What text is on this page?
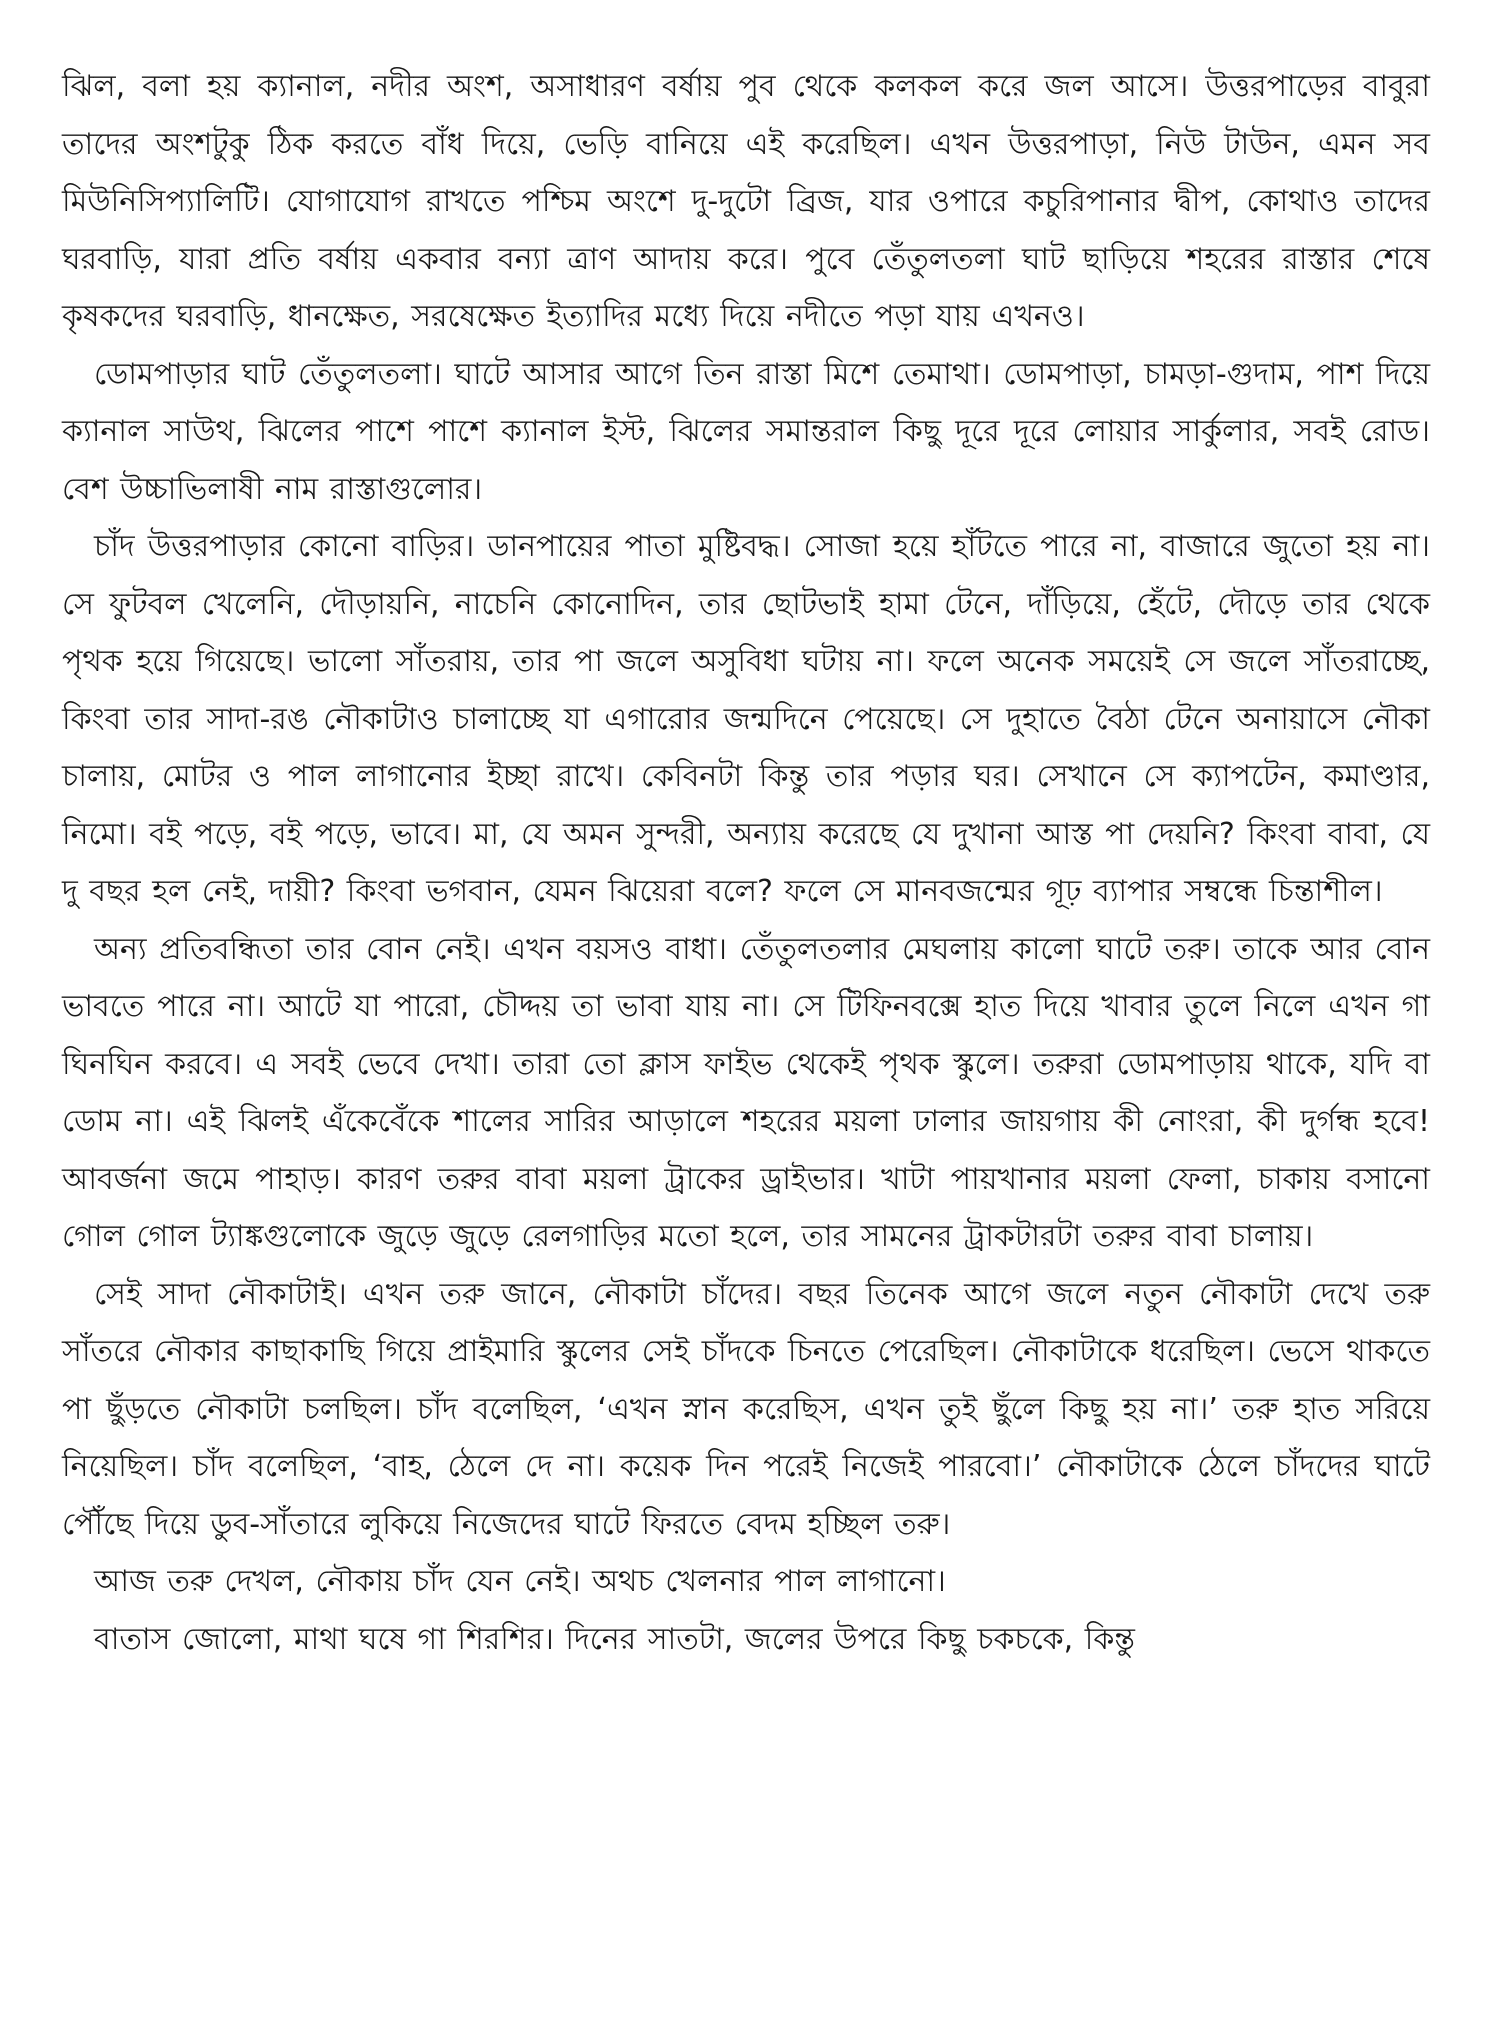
ঝিল, বলা হয় ক্যানাল, নদীর অংশ, অসাধারণ বর্ষায় পুব থেকে কলকল করে জল আসে। উত্তরপাড়ের বাবুরা তাদের অংশটুকু ঠিক করতে বাঁধ দিয়ে, ভেড়ি বানিয়ে এই করেছিল। এখন উত্তরপাড়া, নিউ টাউন, এমন সব মিউনিসিপ্যালিটি। যোগাযোগ রাখতে পশ্চিম অংশে দু-দুটো ব্রিজ, যার ওপারে কচুরিপানার দ্বীপ, কোথাও তাদের ঘরবাড়ি, যারা প্রতি বর্ষায় একবার বন্যা ত্রাণ আদায় করে। পুবে তেঁতুলতলা ঘাট ছাড়িয়ে শহরের রাস্তার শেষে কৃষকদের ঘরবাড়ি, ধানক্ষেত, সরষেক্ষেত ইত্যাদির মধ্যে দিয়ে নদীতে পড়া যায় এখনও।

ডোমপাড়ার ঘাট তেঁতুলতলা। ঘাটে আসার আগে তিন রাস্তা মিশে তেমাথা। ডোমপাড়া, চামড়া-গুদাম, পাশ দিয়ে ক্যানাল সাউথ, ঝিলের পাশে পাশে ক্যানাল ইস্ট, ঝিলের সমান্তরাল কিছু দূরে দূরে লোয়ার সার্কুলার, সবই রোড। বেশ উচ্চাভিলাষী নাম রাস্তাগুলোর।

চাঁদ উত্তরপাড়ার কোনো বাড়ির। ডানপায়ের পাতা মুষ্টিবদ্ধ। সোজা হয়ে হাঁটতে পারে না, বাজারে জুতো হয় না। সে ফুটবল খেলেনি, দৌড়ায়নি, নাচেনি কোনোদিন, তার ছোটভাই হামা টেনে, দাঁড়িয়ে, হেঁটে, দৌড়ে তার থেকে পৃথক হয়ে গিয়েছে। ভালো সাঁতরায়, তার পা জলে অসুবিধা ঘটায় না। ফলে অনেক সময়েই সে জলে সাঁতরাচ্ছে, কিংবা তার সাদা-রঙ নৌকাটাও চালাচ্ছে যা এগারোর জন্মদিনে পেয়েছে। সে দুহাতে বৈঠা টেনে অনায়াসে নৌকা চালায়, মোটর ও পাল লাগানোর ইচ্ছা রাখে। কেবিনটা কিন্তু তার পড়ার ঘর। সেখানে সে ক্যাপটেন, কমাণ্ডার, নিমো। বই পড়ে, বই পড়ে, ভাবে। মা, যে অমন সুন্দরী, অন্যায় করেছে যে দুখানা আস্ত পা দেয়নি? কিংবা বাবা, যে দু বছর হল নেই, দায়ী? কিংবা ভগবান, যেমন ঝিয়েরা বলে? ফলে সে মানবজন্মের গূঢ় ব্যাপার সম্বন্ধে চিন্তাশীল।

অন্য প্রতিবন্ধিতা তার বোন নেই। এখন বয়সও বাধা। তেঁতুলতলার মেঘলায় কালো ঘাটে তরু। তাকে আর বোন ভাবতে পারে না। আটে যা পারো, চৌদ্দয় তা ভাবা যায় না। সে টিফিনবক্সে হাত দিয়ে খাবার তুলে নিলে এখন গা ঘিনঘিন করবে। এ সবই ভেবে দেখা। তারা তো ক্লাস ফাইভ থেকেই পৃথক স্কুলে। তরুরা ডোমপাড়ায় থাকে, যদি বা ডোম না। এই ঝিলই এঁকেবেঁকে শালের সারির আড়ালে শহরের ময়লা ঢালার জায়গায় কী নোংরা, কী দুর্গন্ধ হবে! আবর্জনা জমে পাহাড়। কারণ তরুর বাবা ময়লা ট্রাকের ড্রাইভার। খাটা পায়খানার ময়লা ফেলা, চাকায় বসানো গোল গোল ট্যাঙ্কগুলোকে জুড়ে জুড়ে রেলগাড়ির মতো হলে, তার সামনের ট্রাকটারটা তরুর বাবা চালায়।

সেই সাদা নৌকাটাই। এখন তরু জানে, নৌকাটা চাঁদের। বছর তিনেক আগে জলে নতুন নৌকাটা দেখে তরু সাঁতরে নৌকার কাছাকাছি গিয়ে প্রাইমারি স্কুলের সেই চাঁদকে চিনতে পেরেছিল। নৌকাটাকে ধরেছিল। ভেসে থাকতে পা ছুঁড়তে নৌকাটা চলছিল। চাঁদ বলেছিল, ‘এখন স্নান করেছিস, এখন তুই ছুঁলে কিছু হয় না।’ তরু হাত সরিয়ে নিয়েছিল। চাঁদ বলেছিল, ‘বাহ, ঠেলে দে না। কয়েক দিন পরেই নিজেই পারবো।’ নৌকাটাকে ঠেলে চাঁদদের ঘাটে পৌঁছে দিয়ে ডুব-সাঁতারে লুকিয়ে নিজেদের ঘাটে ফিরতে বেদম হচ্ছিল তরু।

আজ তরু দেখল, নৌকায় চাঁদ যেন নেই। অথচ খেলনার পাল লাগানো।

বাতাস জোলো, মাথা ঘষে গা শিরশির। দিনের সাতটা, জলের উপরে কিছু চকচকে, কিন্তু
